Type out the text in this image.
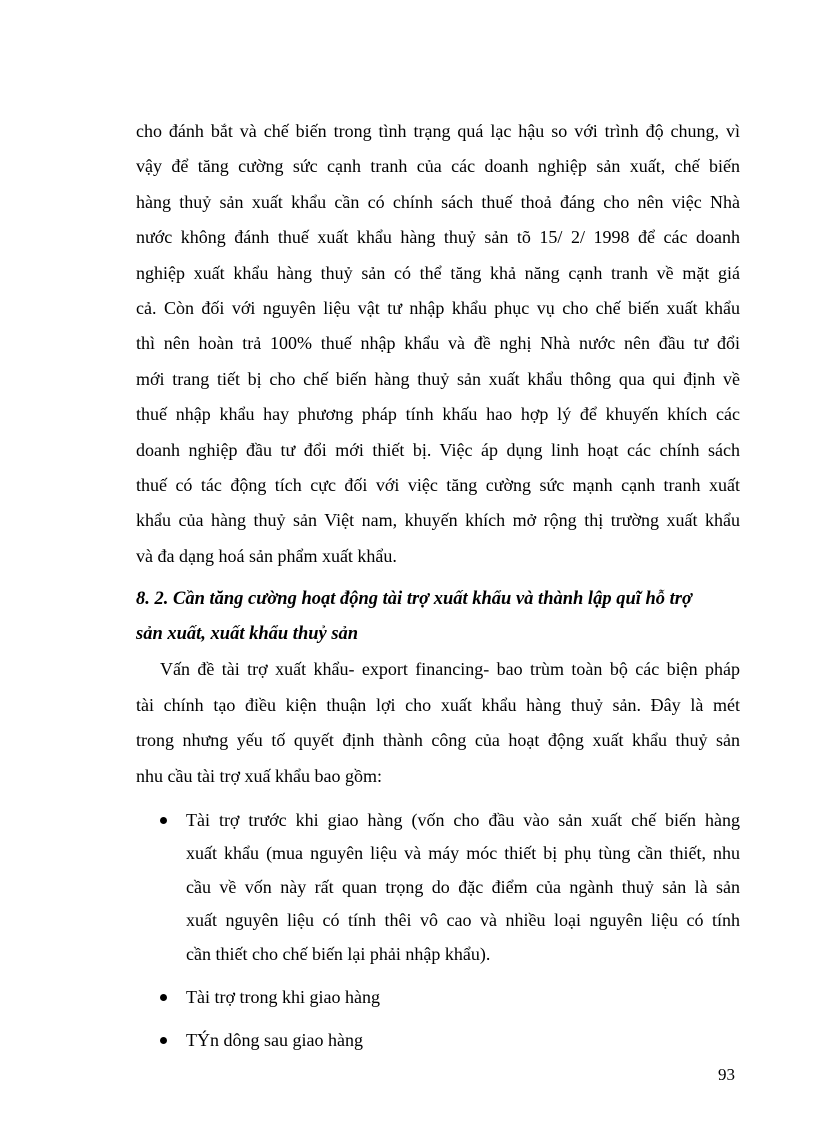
cho đánh bắt và chế biến trong tình trạng quá lạc hậu so với trình độ chung, vì
vậy để tăng cường sức cạnh tranh của các doanh nghiệp sản xuất, chế biến
hàng thuỷ sản xuất khẩu cần có chính sách thuế thoả đáng cho nên việc Nhà
nước không đánh thuế xuất khẩu hàng thuỷ sản tõ 15/ 2/ 1998 để các doanh
nghiệp xuất khẩu hàng thuỷ sản có thể tăng khả năng cạnh tranh về mặt giá
cả. Còn đối với nguyên liệu vật tư nhập khẩu phục vụ cho chế biến xuất khẩu
thì nên hoàn trả 100% thuế nhập khẩu và đề nghị Nhà nước nên đầu tư đổi
mới trang tiết bị cho chế biến hàng thuỷ sản xuất khẩu thông qua qui định về
thuế nhập khẩu hay phương pháp tính khấu hao hợp lý để khuyến khích các
doanh nghiệp đầu tư đổi mới thiết bị. Việc áp dụng linh hoạt các chính sách
thuế có tác động tích cực đối với việc tăng cường sức mạnh cạnh tranh xuất
khẩu của hàng thuỷ sản Việt nam, khuyến khích mở rộng thị trường xuất khẩu
và đa dạng hoá sản phẩm xuất khẩu.

8. 2. Cần tăng cường hoạt động tài trợ xuất khẩu và thành lập quĩ hỗ trợ
sản xuất, xuất khẩu thuỷ sản

Vấn đề tài trợ xuất khẩu- export financing- bao trùm toàn bộ các biện pháp
tài chính tạo điều kiện thuận lợi cho xuất khẩu hàng thuỷ sản. Đây là mét
trong nhưng yếu tố quyết định thành công của hoạt động xuất khẩu thuỷ sản
nhu cầu tài trợ xuấ khẩu bao gồm:

Tài trợ trước khi giao hàng (vốn cho đầu vào sản xuất chế biến hàng
xuất khẩu (mua nguyên liệu và máy móc thiết bị phụ tùng cần thiết, nhu
cầu về vốn này rất quan trọng do đặc điểm của ngành thuỷ sản là sản
xuất nguyên liệu có tính thêi vô cao và nhiều loại nguyên liệu có tính
cần thiết cho chế biến lại phải nhập khẩu).
Tài trợ trong khi giao hàng
TÝn dông sau giao hàng
93
